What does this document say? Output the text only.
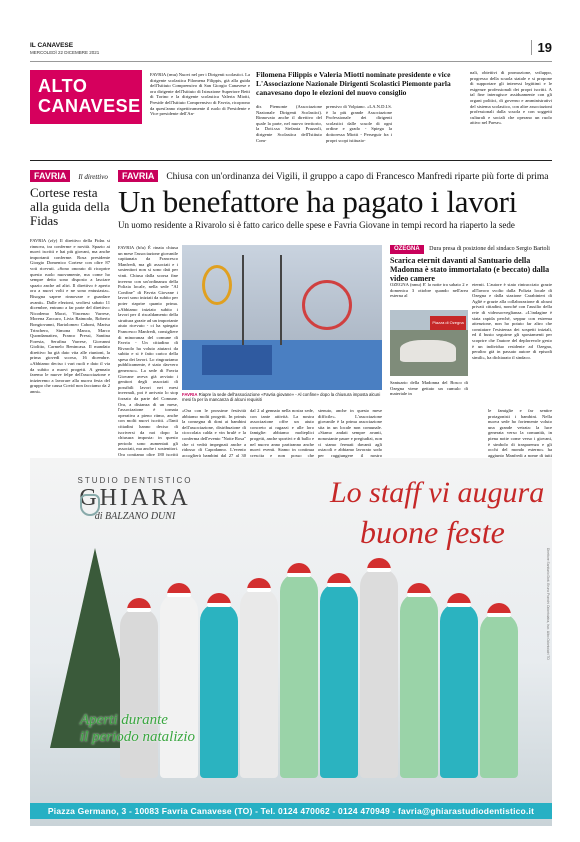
IL CANAVESE
MERCOLEDÌ 22 DICEMBRE 2021	19
ALTO
CANAVESE
FAVRIA (rmu) Nuovi nel per i Dirigenti scolastici. La dirigente scolastica Filomena Filippis, già alla guida dell'Istituto Comprensivo di San Giorgio Canavese e ora dirigente dell'Istituto di Istruzione Superiore Betti di Torino e la dirigente scolastica Valeria Miotti, Preside dell'Istituto Comprensivo di Favria, ricoprono da quest'anno rispettivamente il ruolo di Presidente e Vice presidente dell'An-
Filomena Filippis e Valeria Miotti nominate presidente e vice L'Associazione Nazionale Dirigenti Scolastici Piemonte parla canavesano dopo le elezioni del nuovo consiglio
dis Piemonte (Associazione Nazionale Dirigenti Scolastici). Rinnovato anche il direttivo del quale la parte, nel nuovo territorio, la Dott.ssa Stefania Pruzzoli, dirigente Scolastica dell'Istituto Com-
prensivo di Volpiano. «LA.N.D.I.S. è la più grande Associazione Professionale dei dirigenti scolastici dalle scuole di ogni ordine e grado - Spiega la dottoressa Miotti - Perseguir fra i propri scopi istituzio-
nali, obiettivi di promozione, sviluppo, progresso della scuola statale e si propone di supportare gli interessi legittimi e le esigenze professionali dei propri iscritti. A tal fine interagisce assiduamente con gli organi politici, di governo e amministrativi del sistema scolastico, con altre associazioni professionali dalla scuola e con soggetti culturali e sociali che operano un ruolo attivo nel Paese».
FAVRIA Il direttivo
Cortese resta alla guida della Fidas
FAVRIA (zfy) Il direttivo della Fidas si rinnova, tra conferme e novità. Spazio ai nuovi iscritti e hai più giovani, ma anche importanti conferme. Rosa presidente Giorgio Domenico Cortese con oltre 87 voti ricevuti. «Sono onorato di ricoprire questo ruolo nuovamente, ma come ho sempre detto sono disposto a lasciare spazio anche ad altri. Il direttivo è aperto ora a nuovi volti e ne sono entusiasta». Bisogna sapere rinnovare e guardare avanti». Dalle elezioni, svoltesi sabato 11 dicembre, entrano a far parte del direttivo: Nicodemo Macri, Vincenzo Varrese, Morena Zaccaro, Livia Raimodo, Roberto Bongiovanni, Bartolomeo Caboni, Marisa Trinchero, Simona Manca, Marco Quondamatteo, Franco Pressi, Santina Foresta, Serafina Varrese, Giovanni Giolitto, Carmelo Benincasa. Il mandato direttivo ha già dato vita alle riunioni, la prima giovedì scorso, 16 dicembre. «Abbiamo deciso i vari ruoli e dato il via da subito a nuovi progetti. A gennaio faremo le nuove felpe dell'associazione e inizieremo a lavorare alla nuova festa del gruppo che causa Covid non facciamo da 2 anni».
FAVRIA Chiusa con un'ordinanza dei Vigili, il gruppo a capo di Francesco Manfredi riparte più forte di prima
Un benefattore ha pagato i lavori
Un uomo residente a Rivarolo si è fatto carico delle spese e Favria Giovane in tempi record ha riaperto la sede
FAVRIA (bfu) È rinata chiusa un mese l'associazione giovanile capitanata da Francesco Manfredi, ma gli associati e i sostenitori non si sono dati per vinti. Chiusa dalla scorsa fine inverno con un'ordinanza della Polizia locale, nella sede "Al Confine" di Favria Giovane i lavori sono iniziati da subito per poter riaprire quanto prima. «Abbiamo iniziato subito i lavori per il riscaldamento della struttura grazie ad un importante aiuto ricevuto - ci ha spiegato Francesco Manfredi, consigliere di minoranza del comune di Favria - Un cittadino di Rivarolo ha voluto aiutarci da subito e si è fatto carico della spesa dei lavori. Lo ringraziamo pubblicamente, è stato davvero generoso». La sede di Favria Giovane aveva già avviato i genitori degli associati di possibili lavori nei mesi invernali, poi è arrivato lo stop forzato da parte del Comune. Ora, a distanza di un mese, l'associazione è tornata operativa a pieno ritmo, anche con molti nuovi iscritti. «Tanti cittadini hanno deciso di iscriversi da noi dopo la chiusura imposta: in questo periodo sono aumentati gli associati, ma anche i sostenitori. Ora contiamo oltre 180 iscritti
FAVRIA Riapre la sede dell'associazione «Favria giovane» - Al confine» dopo la chiusura imposta alcuni mesi fa per la mancanza di alcuni requisiti
«Ora con le prossime festività abbiamo molti progetti. In primis la consegna di doni ai bambini dell'associazione, distribuzione di cioccolata calda e vin brulè e la conferma dell'evento "Notte Rosa" che ci vedrà impegnati anche a ridosso di Capodanno. L'evento accoglierà bambini dal 27 al 30
dal 2 al gennaio nella nostra sede, con tante attività. La nostra associazione offre un aiuto concreto ai ragazzi e alle loro famiglie: abbiamo molteplici progetti, anche sportivi e di ballo e nel nuovo anno partiranno anche nuovi eventi. Siamo in continua crescita e non posso che
stenuto, anche in questo mese difficile». L'associazione giovanile è la prima associazione sita in un locale non comunale. «Siamo andati sempre avanti, nonostante paure e pregiudizi, non ci siamo fermati davanti agli ostacoli e abbiamo lavorato sodo per raggiungere il nostro
le famiglie e far sentire protagonisti i bambini. Nella nuova sede ho fortemente voluto una grande vetrata: la luce generata verso la comunità, in piena notte come verso i giovani, è simbolo di trasparenza e gli occhi del mondo esterno» ha aggiunto Manfredi a nome di tutti
OZEGNA Dura presa di posizione del sindaco Sergio Bartoli
Scarica eternit davanti al Santuario della Madonna è stato immortalato (e beccato) dalla video camere
OZEGNA (nmu) E' la notte tra sabato 2 e domenica 3 ottobre quando nell'area esterna al
eternit. L'autore è stato rintracciato grazie all'lavoro svolto dalla Polizia locale di Ozegna e dalla stazione Carabinieri di Agliè e grazie alla collaborazione di alcuni privati cittadini, nonché con l'ausilio della rete di videosorveglianza. «L'indagine è stata rapida perché, seppur con estrema attenzione, non ho potuto far altro che constatare l'esistenza dei sospetti iniziali, ed il busto seguirne gli spostamenti per scoprire che l'autore del deplorevole gesto è un individuo residente ad Ozegna, peraltro già in passato autore di episodi simili», ha dichiarato il sindaco.
Piazza di Ozegna
Santuario della Madonna del Bosco di Ozegna viene gettato un cumulo di materiale in
STUDIO DENTISTICO
GHIARA
di BALZANO DUNI
Lo staff vi augura
buone feste
Aperti durante
il periodo natalizio
Direttore Sanitario Dott. Bruno Franchi Odontoiatra, Iscr. Albo Odontoiatri TO
Piazza Germano, 3 - 10083 Favria Canavese (TO) - Tel. 0124 470062 - 0124 470949 - favria@ghiarastudiodentistico.it
